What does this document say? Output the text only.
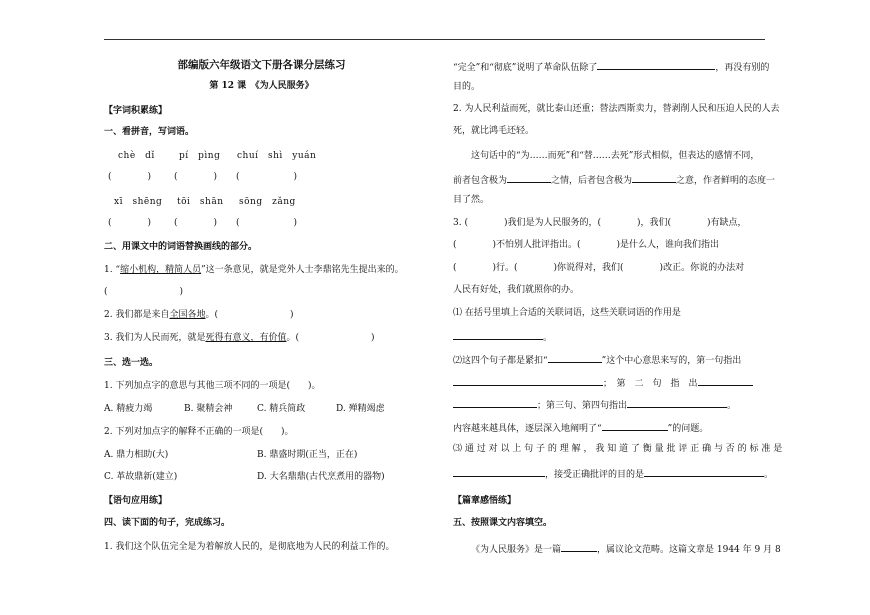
部编版六年级语文下册各课分层练习
第 12 课　《为人民服务》
【字词积累练】
一、看拼音，写词语。
chè　dǐ	pí　pìng chuí　shì　yuán
(　　　　)	(　　　　) (　　　　　　)
xī　shēng tōi　shān sōng　zǎng
(　　　　)	(　　　　) (　　　　　　)
二、用课文中的词语替换画线的部分。
1. “缩小机构，精简人员”这一条意见，就是党外人士李鼎铭先生提出来的。
(　　　　　　　　)
2. 我们都是来自全国各地。(　　　　　　　　)
3. 我们为人民而死，就是死得有意义，有价值。(　　　　　　　　)
三、选一选。
1. 下列加点字的意思与其他三项不同的一项是(　　)。
A. 精疲力竭	B. 聚精会神	C. 精兵简政	D. 殚精竭虑
2. 下列对加点字的解释不正确的一项是(　　)。
A. 鼎力相助(大)	B. 鼎盛时期(正当，正在)
C. 革故鼎新(建立)	D. 大名鼎鼎(古代烹煮用的器物)
【语句应用练】
四、读下面的句子，完成练习。
1. 我们这个队伍完全是为着解放人民的，是彻底地为人民的利益工作的。
“完全”和“彻底”说明了革命队伍除了	，再没有别的
目的。
2. 为人民利益而死，就比泰山还重；替法西斯卖力，替剥削人民和压迫人民的人去
死，就比鸿毛还轻。
　　这句话中的“为……而死”和“替……去死”形式相似，但表达的感情不同，
前者包含极为	之情，后者包含极为	之意，作者鲜明的态度一
目了然。
3. (　　　　)我们是为人民服务的，(　　　　)，我们(　　　　)有缺点，
(　　　　)不怕别人批评指出。(　　　　)是什么人，谁向我们指出
(　　　　)行。(　　　　)你说得对，我们(　　　　)改正。你说的办法对
人民有好处，我们就照你的办。
⑴ 在括号里填上合适的关联词语，这些关联词语的作用是
。
⑵这四个句子都是紧扣“	”这个中心意思来写的，第一句指出
；　第　二　句　指　出
；第三句、第四句指出	。
内容越来越具体，逐层深入地阐明了“	”的问题。
⑶ 通 过 对 以 上 句 子 的 理 解 ， 我 知 道 了 衡 量 批 评 正 确 与 否 的 标 准 是
，接受正确批评的目的是	。
【篇章感悟练】
五、按照课文内容填空。
《为人民服务》是一篇	，属议论文范畴。这篇文章是 1944 年 9 月 8
